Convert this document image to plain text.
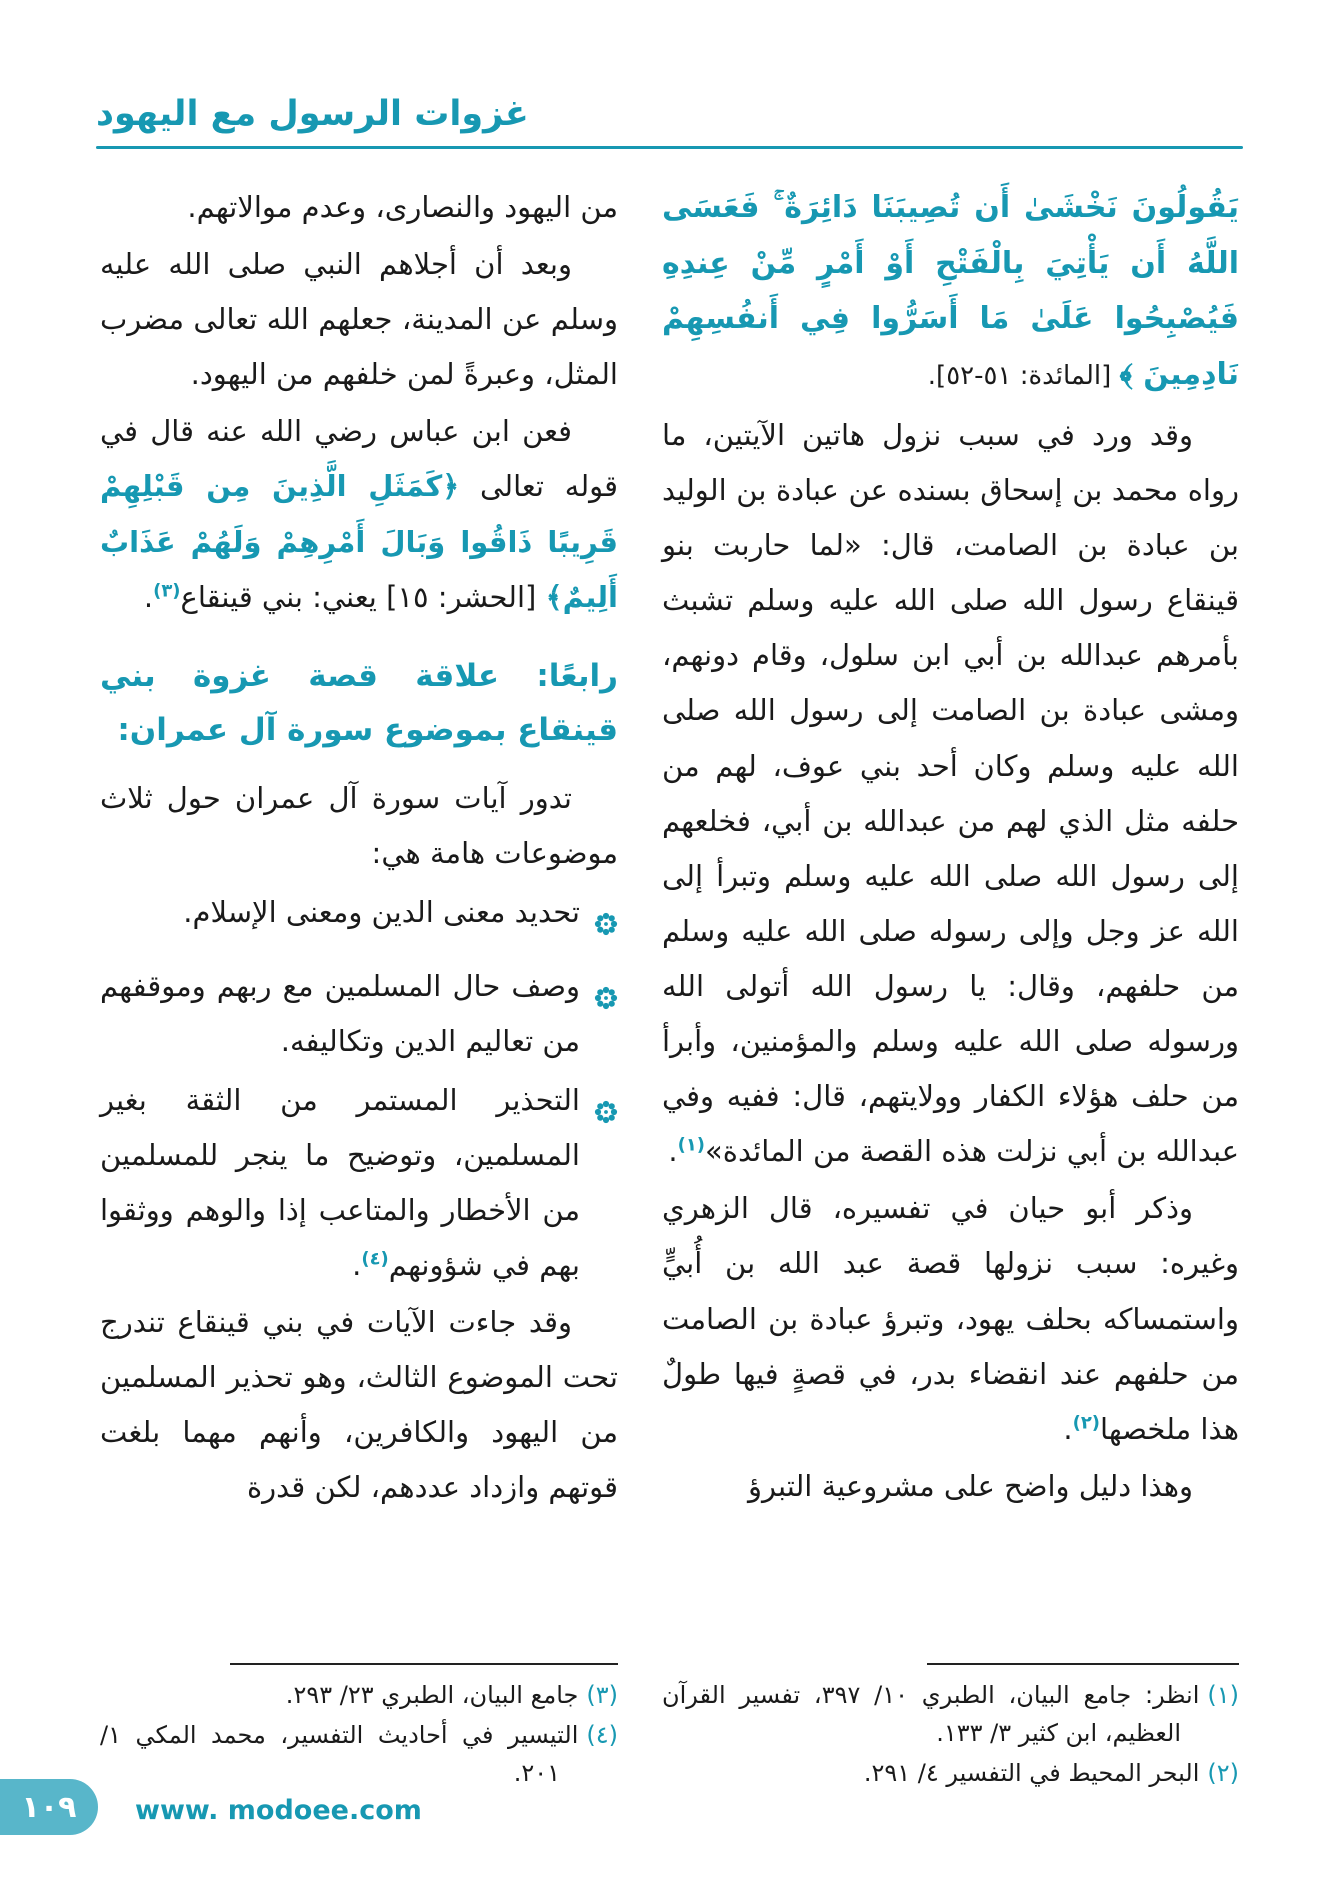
غزوات الرسول مع اليهود

يَقُولُونَ نَخْشَىٰ أَن تُصِيبَنَا دَائِرَةٌ ۚ فَعَسَى اللَّهُ أَن يَأْتِيَ بِالْفَتْحِ أَوْ أَمْرٍ مِّنْ عِندِهِ فَيُصْبِحُوا عَلَىٰ مَا أَسَرُّوا فِي أَنفُسِهِمْ نَادِمِينَ ﴾ [المائدة: ٥١-٥٢].

وقد ورد في سبب نزول هاتين الآيتين، ما رواه محمد بن إسحاق بسنده عن عبادة بن الوليد بن عبادة بن الصامت، قال: «لما حاربت بنو قينقاع رسول الله صلى الله عليه وسلم تشبث بأمرهم عبدالله بن أبي ابن سلول، وقام دونهم، ومشى عبادة بن الصامت إلى رسول الله صلى الله عليه وسلم وكان أحد بني عوف، لهم من حلفه مثل الذي لهم من عبدالله بن أبي، فخلعهم إلى رسول الله صلى الله عليه وسلم وتبرأ إلى الله عز وجل وإلى رسوله صلى الله عليه وسلم من حلفهم، وقال: يا رسول الله أتولى الله ورسوله صلى الله عليه وسلم والمؤمنين، وأبرأ من حلف هؤلاء الكفار وولايتهم، قال: ففيه وفي عبدالله بن أبي نزلت هذه القصة من المائدة»$^{(١)}$.

وذكر أبو حيان في تفسيره، قال الزهري وغيره: سبب نزولها قصة عبد الله بن أُبيٍّ واستمساكه بحلف يهود، وتبرؤ عبادة بن الصامت من حلفهم عند انقضاء بدر، في قصةٍ فيها طولٌ هذا ملخصها$^{(٢)}$.

وهذا دليل واضح على مشروعية التبرؤ

(١)انظر: جامع البيان، الطبري ١٠/ ٣٩٧، تفسير القرآن العظيم، ابن كثير ٣/ ١٣٣.
(٢)البحر المحيط في التفسير ٤/ ٢٩١.

من اليهود والنصارى، وعدم موالاتهم.

وبعد أن أجلاهم النبي صلى الله عليه وسلم عن المدينة، جعلهم الله تعالى مضرب المثل، وعبرةً لمن خلفهم من اليهود.

فعن ابن عباس رضي الله عنه قال في قوله تعالى ﴿كَمَثَلِ الَّذِينَ مِن قَبْلِهِمْ قَرِيبًا ذَاقُوا وَبَالَ أَمْرِهِمْ وَلَهُمْ عَذَابٌ أَلِيمٌ﴾ [الحشر: ١٥] يعني: بني قينقاع$^{(٣)}$.

رابعًا: علاقة قصة غزوة بني قينقاع بموضوع سورة آل عمران:

تدور آيات سورة آل عمران حول ثلاث موضوعات هامة هي:

تحديد معنى الدين ومعنى الإسلام.
وصف حال المسلمين مع ربهم وموقفهم من تعاليم الدين وتكاليفه.
التحذير المستمر من الثقة بغير المسلمين، وتوضيح ما ينجر للمسلمين من الأخطار والمتاعب إذا والوهم ووثقوا بهم في شؤونهم$^{(٤)}$.

وقد جاءت الآيات في بني قينقاع تندرج تحت الموضوع الثالث، وهو تحذير المسلمين من اليهود والكافرين، وأنهم مهما بلغت قوتهم وازداد عددهم، لكن قدرة

(٣)جامع البيان، الطبري ٢٣/ ٢٩٣.
(٤)التيسير في أحاديث التفسير، محمد المكي ١/ ٢٠١.
١٠٩ www. modoee.com
